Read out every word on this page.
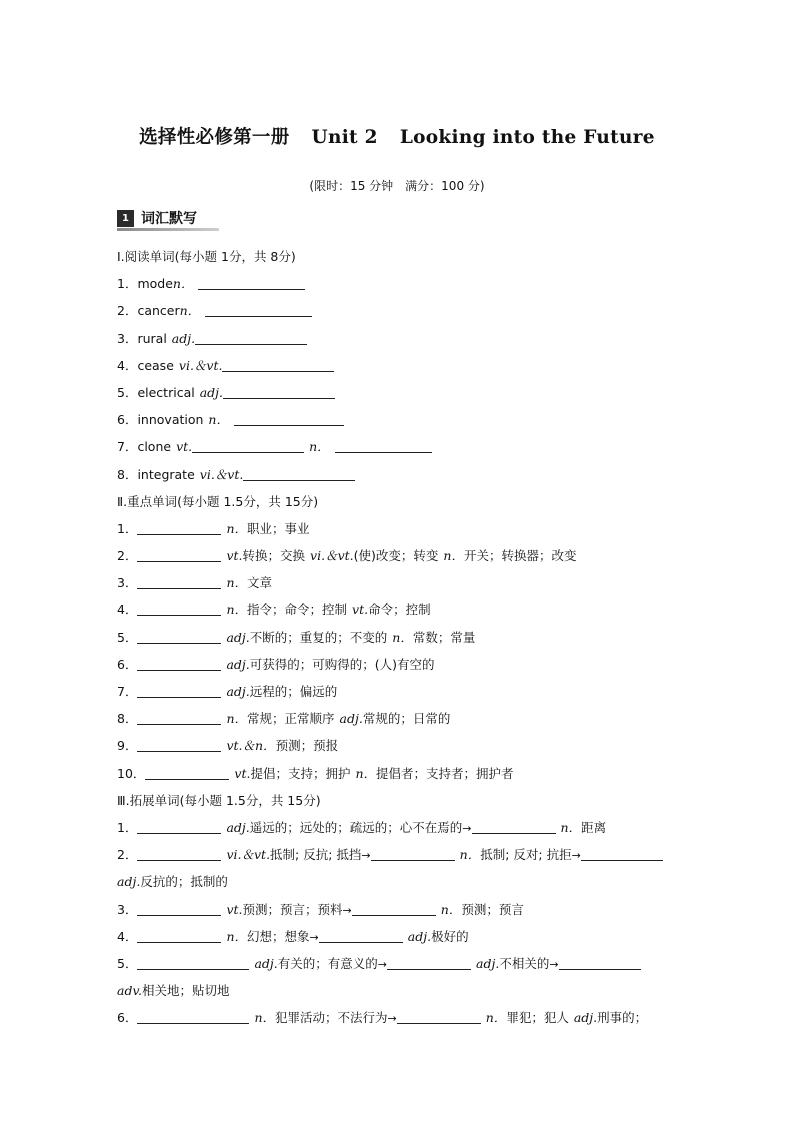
选择性必修第一册 Unit 2 Looking into the Future
(限时：15 分钟　满分：100 分)
1 词汇默写
Ⅰ.阅读单词(每小题 1分，共 8分)
1．moden．
2．cancern．
3．rural adj.
4．cease vi.＆vt.
5．electrical adj.
6．innovation n．
7．clone vt.	n．
8．integrate vi.＆vt.
Ⅱ.重点单词(每小题 1.5分，共 15分)
1．	n．职业；事业
2．	vt.转换；交换 vi.＆vt.(使)改变；转变 n．开关；转换器；改变
3．	n．文章
4．	n．指令；命令；控制 vt.命令；控制
5．	adj.不断的；重复的；不变的 n．常数；常量
6．	adj.可获得的；可购得的；(人)有空的
7．	adj.远程的；偏远的
8．	n．常规；正常顺序 adj.常规的；日常的
9．	vt.＆n．预测；预报
10．	vt.提倡；支持；拥护 n．提倡者；支持者；拥护者
Ⅲ.拓展单词(每小题 1.5分，共 15分)
1．	adj.遥远的；远处的；疏远的；心不在焉的→	n．距离
2．	vi.＆vt.抵制; 反抗; 抵挡→	n．抵制; 反对; 抗拒→
adj.反抗的；抵制的
3．	vt.预测；预言；预料→	n．预测；预言
4．	n．幻想；想象→	adj.极好的
5．	adj.有关的；有意义的→	adj.不相关的→
adv.相关地；贴切地
6．	n．犯罪活动；不法行为→	n．罪犯；犯人 adj.刑事的；
